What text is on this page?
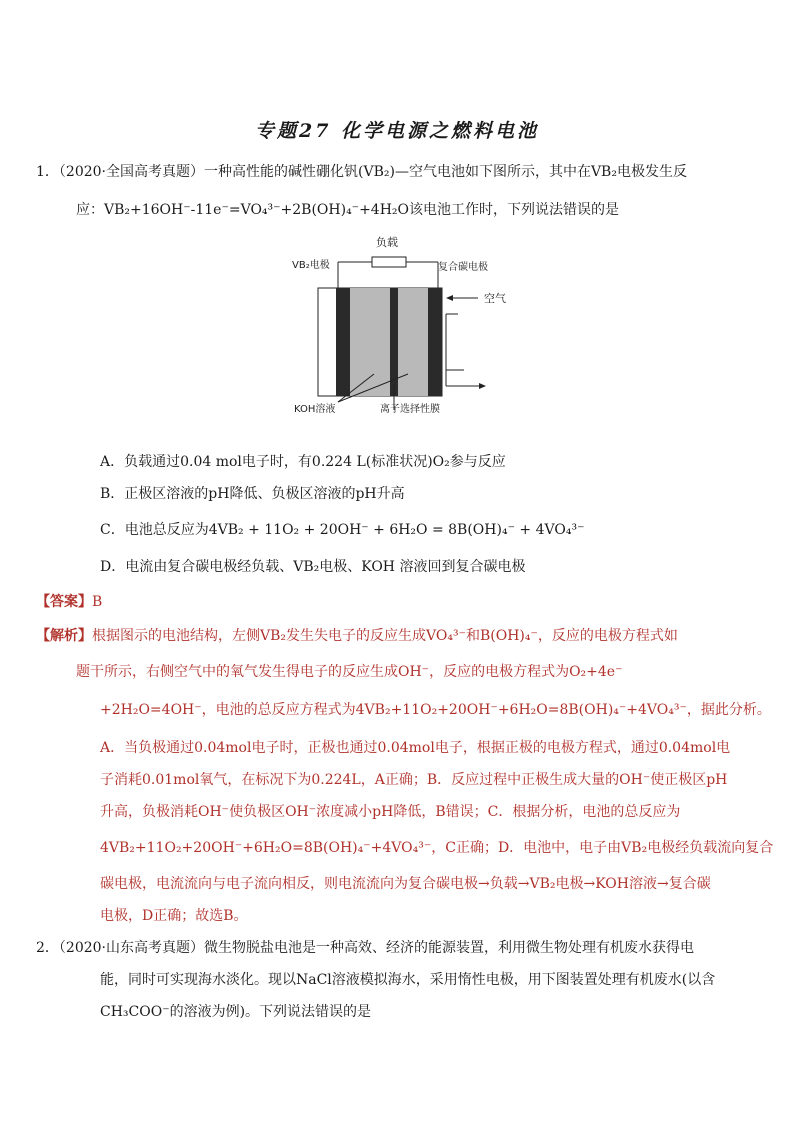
专题27 化学电源之燃料电池
1．（2020·全国高考真题）一种高性能的碱性硼化钒(VB₂)—空气电池如下图所示，其中在VB₂电极发生反
应：VB₂+16OH⁻-11e⁻=VO₄³⁻+2B(OH)₄⁻+4H₂O该电池工作时，下列说法错误的是
负载
VB₂电极	复合碳电极
空气
KOH溶液	离子选择性膜
A．负载通过0.04 mol电子时，有0.224 L(标准状况)O₂参与反应
B．正极区溶液的pH降低、负极区溶液的pH升高
C．电池总反应为4VB₂ + 11O₂ + 20OH⁻ + 6H₂O = 8B(OH)₄⁻ + 4VO₄³⁻
D．电流由复合碳电极经负载、VB₂电极、KOH 溶液回到复合碳电极
【答案】B
【解析】根据图示的电池结构，左侧VB₂发生失电子的反应生成VO₄³⁻和B(OH)₄⁻，反应的电极方程式如
题干所示，右侧空气中的氧气发生得电子的反应生成OH⁻，反应的电极方程式为O₂+4e⁻
+2H₂O=4OH⁻，电池的总反应方程式为4VB₂+11O₂+20OH⁻+6H₂O=8B(OH)₄⁻+4VO₄³⁻，据此分析。
A．当负极通过0.04mol电子时，正极也通过0.04mol电子，根据正极的电极方程式，通过0.04mol电
子消耗0.01mol氧气，在标况下为0.224L，A正确；B．反应过程中正极生成大量的OH⁻使正极区pH
升高，负极消耗OH⁻使负极区OH⁻浓度减小pH降低，B错误；C．根据分析，电池的总反应为
4VB₂+11O₂+20OH⁻+6H₂O=8B(OH)₄⁻+4VO₄³⁻，C正确；D．电池中，电子由VB₂电极经负载流向复合
碳电极，电流流向与电子流向相反，则电流流向为复合碳电极→负载→VB₂电极→KOH溶液→复合碳
电极，D正确；故选B。
2．（2020·山东高考真题）微生物脱盐电池是一种高效、经济的能源装置，利用微生物处理有机废水获得电
能，同时可实现海水淡化。现以NaCl溶液模拟海水，采用惰性电极，用下图装置处理有机废水(以含
CH₃COO⁻的溶液为例)。下列说法错误的是
